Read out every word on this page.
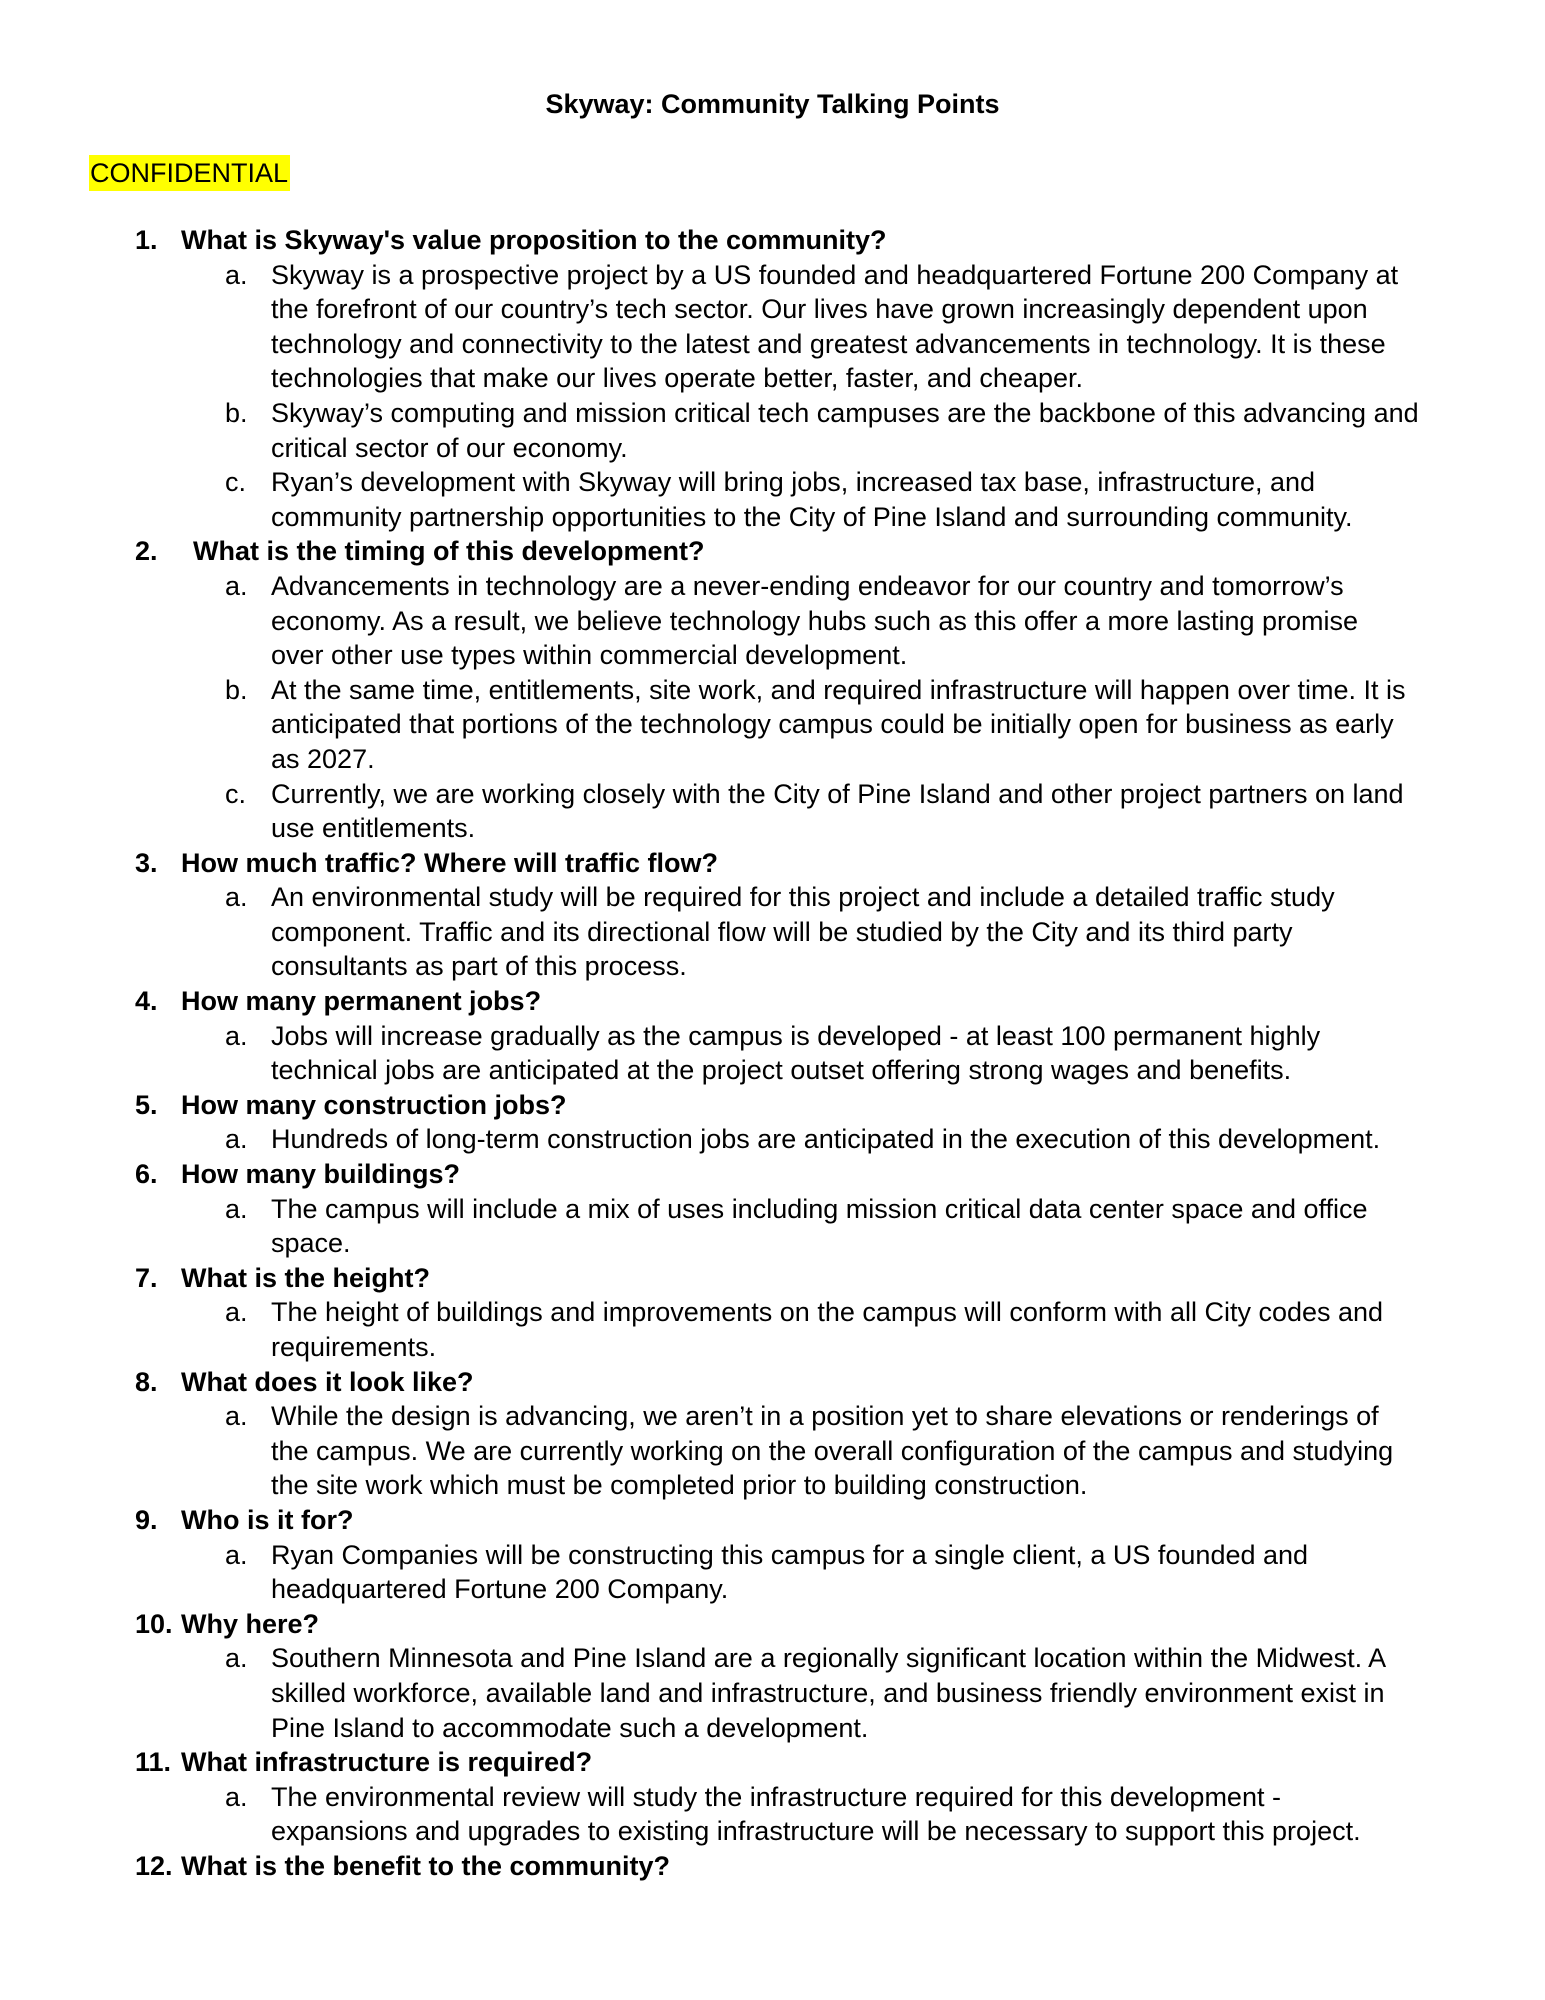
Skyway: Community Talking Points
CONFIDENTIAL
1. What is Skyway's value proposition to the community?
a. Skyway is a prospective project by a US founded and headquartered Fortune 200 Company at
the forefront of our country’s tech sector. Our lives have grown increasingly dependent upon
technology and connectivity to the latest and greatest advancements in technology. It is these
technologies that make our lives operate better, faster, and cheaper.
b. Skyway’s computing and mission critical tech campuses are the backbone of this advancing and
critical sector of our economy.
c. Ryan’s development with Skyway will bring jobs, increased tax base, infrastructure, and
community partnership opportunities to the City of Pine Island and surrounding community.
2. What is the timing of this development?
a. Advancements in technology are a never-ending endeavor for our country and tomorrow’s
economy. As a result, we believe technology hubs such as this offer a more lasting promise
over other use types within commercial development.
b. At the same time, entitlements, site work, and required infrastructure will happen over time. It is
anticipated that portions of the technology campus could be initially open for business as early
as 2027.
c. Currently, we are working closely with the City of Pine Island and other project partners on land
use entitlements.
3. How much traffic? Where will traffic flow?
a. An environmental study will be required for this project and include a detailed traffic study
component. Traffic and its directional flow will be studied by the City and its third party
consultants as part of this process.
4. How many permanent jobs?
a. Jobs will increase gradually as the campus is developed - at least 100 permanent highly
technical jobs are anticipated at the project outset offering strong wages and benefits.
5. How many construction jobs?
a. Hundreds of long-term construction jobs are anticipated in the execution of this development.
6. How many buildings?
a. The campus will include a mix of uses including mission critical data center space and office
space.
7. What is the height?
a. The height of buildings and improvements on the campus will conform with all City codes and
requirements.
8. What does it look like?
a. While the design is advancing, we aren’t in a position yet to share elevations or renderings of
the campus. We are currently working on the overall configuration of the campus and studying
the site work which must be completed prior to building construction.
9. Who is it for?
a. Ryan Companies will be constructing this campus for a single client, a US founded and
headquartered Fortune 200 Company.
10. Why here?
a. Southern Minnesota and Pine Island are a regionally significant location within the Midwest. A
skilled workforce, available land and infrastructure, and business friendly environment exist in
Pine Island to accommodate such a development.
11. What infrastructure is required?
a. The environmental review will study the infrastructure required for this development -
expansions and upgrades to existing infrastructure will be necessary to support this project.
12. What is the benefit to the community?
